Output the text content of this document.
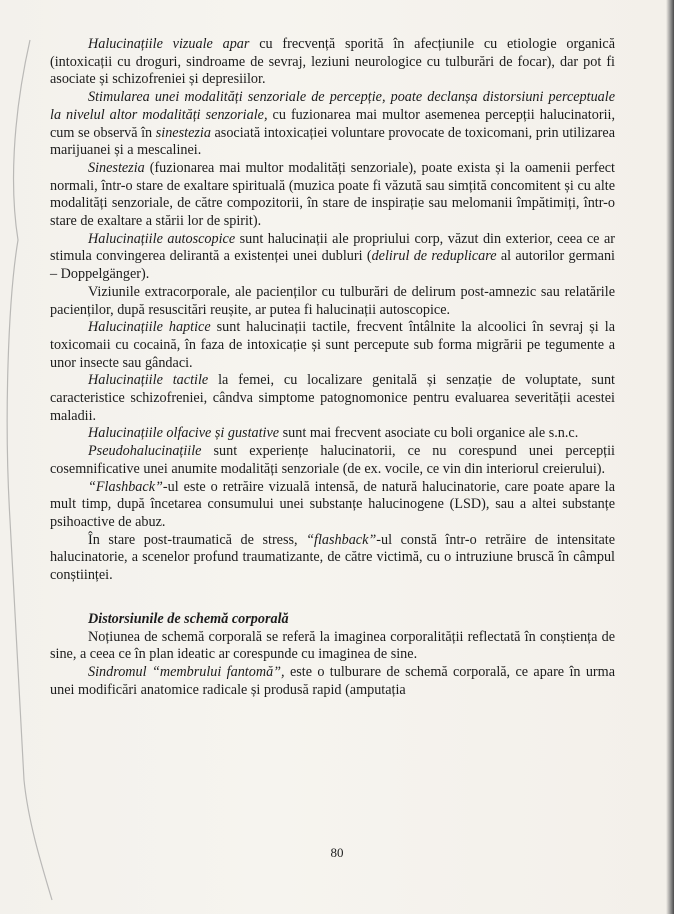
Halucinațiile vizuale apar cu frecvență sporită în afecțiunile cu etiologie organică (intoxicații cu droguri, sindroame de sevraj, leziuni neurologice cu tulburări de focar), dar pot fi asociate și schizofreniei și depresiilor.

Stimularea unei modalități senzoriale de percepție, poate declanșa distorsiuni perceptuale la nivelul altor modalități senzoriale, cu fuzionarea mai multor asemenea percepții halucinatorii, cum se observă în sinestezia asociată intoxicației voluntare provocate de toxicomani, prin utilizarea marijuanei și a mescalinei.

Sinestezia (fuzionarea mai multor modalități senzoriale), poate exista și la oamenii perfect normali, într-o stare de exaltare spirituală (muzica poate fi văzută sau simțită concomitent și cu alte modalități senzoriale, de către compozitorii, în stare de inspirație sau melomanii împătimiți, într-o stare de exaltare a stării lor de spirit).

Halucinațiile autoscopice sunt halucinații ale propriului corp, văzut din exterior, ceea ce ar stimula convingerea delirantă a existenței unei dubluri (delirul de reduplicare al autorilor germani – Doppelgänger).

Viziunile extracorporale, ale pacienților cu tulburări de delirum post-amnezic sau relatările pacienților, după resuscitări reușite, ar putea fi halucinații autoscopice.

Halucinațiile haptice sunt halucinații tactile, frecvent întâlnite la alcoolici în sevraj și la toxicomaii cu cocaină, în faza de intoxicație și sunt percepute sub forma migrării pe tegumente a unor insecte sau gândaci.

Halucinațiile tactile la femei, cu localizare genitală și senzație de voluptate, sunt caracteristice schizofreniei, cândva simptome patognomonice pentru evaluarea severității acestei maladii.

Halucinațiile olfacive și gustative sunt mai frecvent asociate cu boli organice ale s.n.c.

Pseudohalucinațiile sunt experiențe halucinatorii, ce nu corespund unei percepții cosemnificative unei anumite modalități senzoriale (de ex. vocile, ce vin din interiorul creierului).

“Flashback”-ul este o retrăire vizuală intensă, de natură halucinatorie, care poate apare la mult timp, după încetarea consumului unei substanțe halucinogene (LSD), sau a altei substanțe psihoactive de abuz.

În stare post-traumatică de stress, “flashback”-ul constă într-o retrăire de intensitate halucinatorie, a scenelor profund traumatizante, de către victimă, cu o intruziune bruscă în câmpul conștiinței.

Distorsiunile de schemă corporală

Noțiunea de schemă corporală se referă la imaginea corporalității reflectată în conștiența de sine, a ceea ce în plan ideatic ar corespunde cu imaginea de sine.

Sindromul “membrului fantomă”, este o tulburare de schemă corporală, ce apare în urma unei modificări anatomice radicale și produsă rapid (amputația

80
